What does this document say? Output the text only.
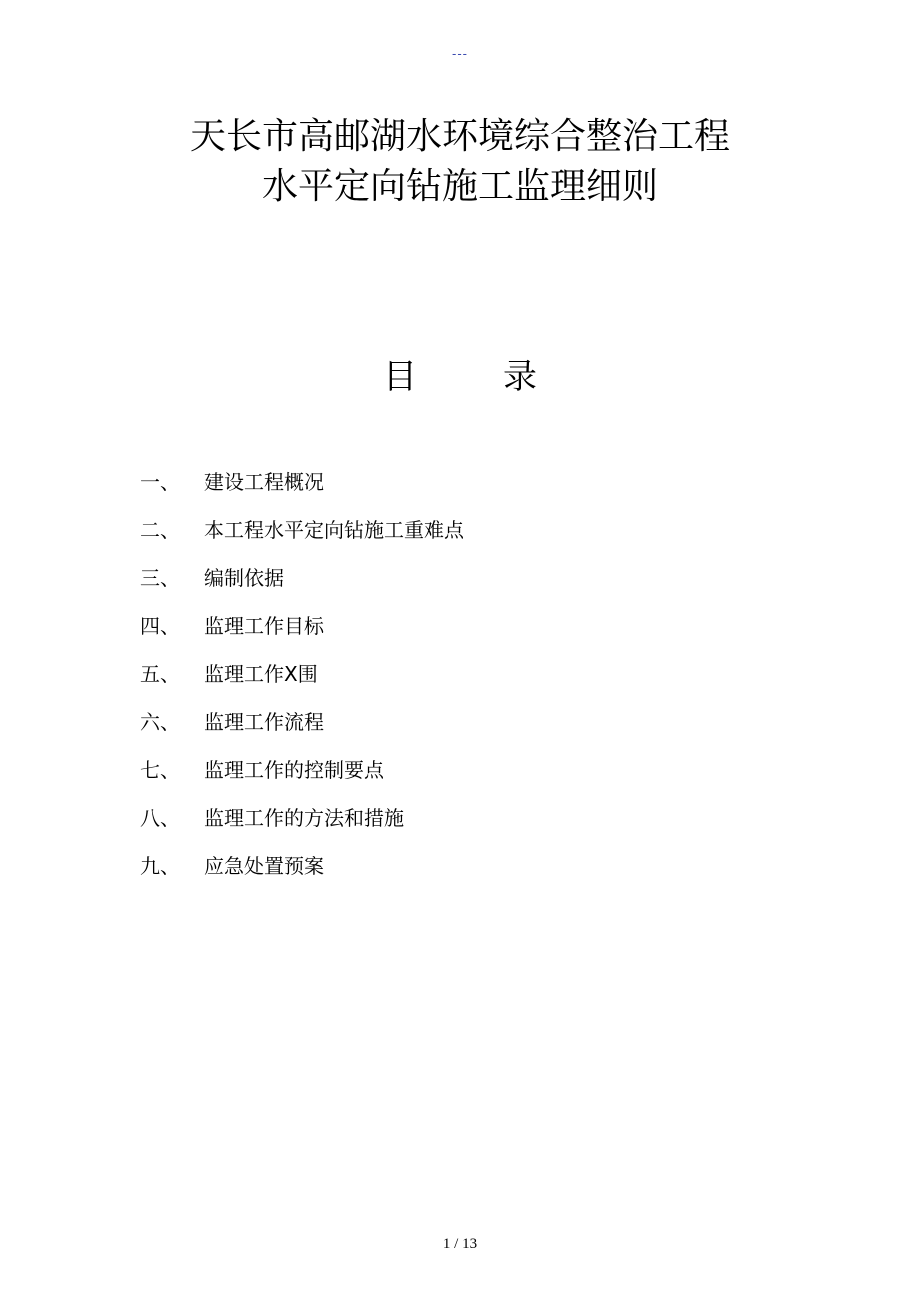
---

天长市高邮湖水环境综合整治工程

水平定向钻施工监理细则

目	录
一、	建设工程概况
二、	本工程水平定向钻施工重难点
三、	编制依据
四、	监理工作目标
五、	监理工作X围
六、	监理工作流程
七、	监理工作的控制要点
八、	监理工作的方法和措施
九、	应急处置预案
1 / 13
